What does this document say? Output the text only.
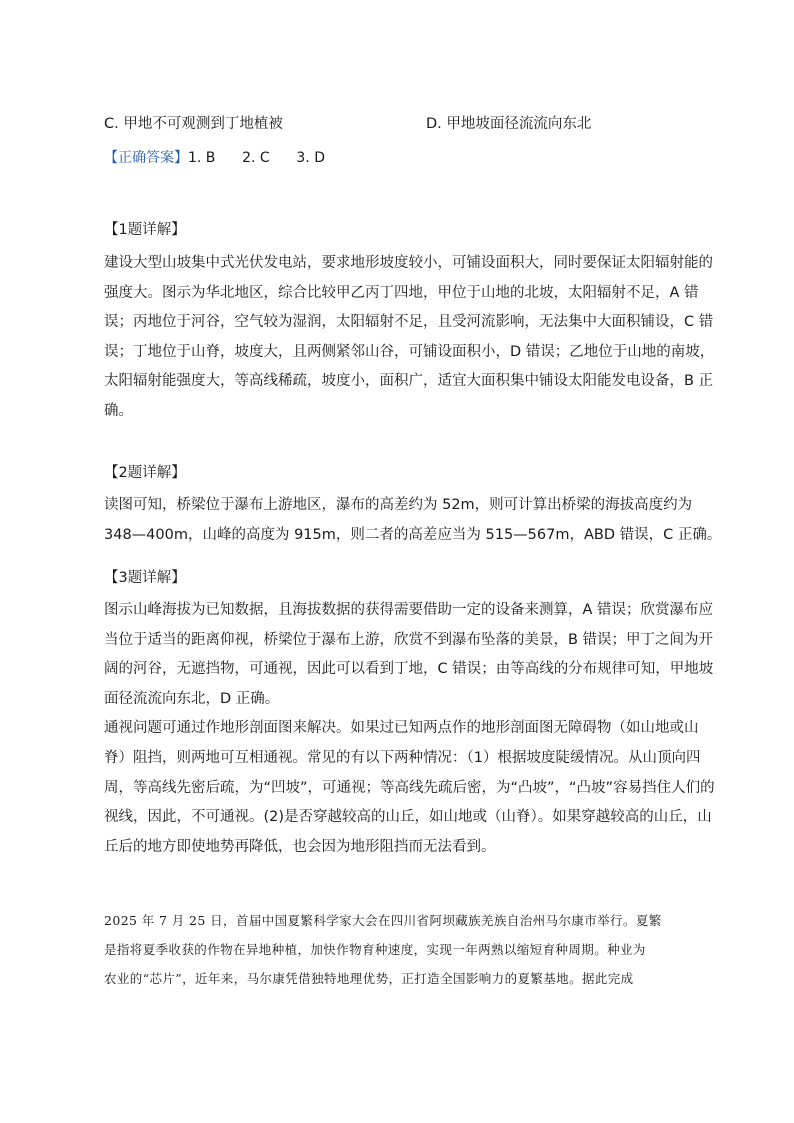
C. 甲地不可观测到丁地植被	D. 甲地坡面径流流向东北
【正确答案】1. B      2. C      3. D
【1题详解】
建设大型山坡集中式光伏发电站，要求地形坡度较小，可铺设面积大，同时要保证太阳辐射能的
强度大。图示为华北地区，综合比较甲乙丙丁四地，甲位于山地的北坡，太阳辐射不足，A 错
误；丙地位于河谷，空气较为湿润，太阳辐射不足，且受河流影响，无法集中大面积铺设，C 错
误；丁地位于山脊，坡度大，且两侧紧邻山谷，可铺设面积小，D 错误；乙地位于山地的南坡，
太阳辐射能强度大，等高线稀疏，坡度小，面积广，适宜大面积集中铺设太阳能发电设备，B 正
确。
【2题详解】
读图可知，桥梁位于瀑布上游地区，瀑布的高差约为 52m，则可计算出桥梁的海拔高度约为
348—400m，山峰的高度为 915m，则二者的高差应当为 515—567m，ABD 错误，C 正确。
【3题详解】
图示山峰海拔为已知数据，且海拔数据的获得需要借助一定的设备来测算，A 错误；欣赏瀑布应
当位于适当的距离仰视，桥梁位于瀑布上游，欣赏不到瀑布坠落的美景，B 错误；甲丁之间为开
阔的河谷，无遮挡物，可通视，因此可以看到丁地，C 错误；由等高线的分布规律可知，甲地坡
面径流流向东北，D 正确。
通视问题可通过作地形剖面图来解决。如果过已知两点作的地形剖面图无障碍物（如山地或山
脊）阻挡，则两地可互相通视。常见的有以下两种情况：（1）根据坡度陡缓情况。从山顶向四
周，等高线先密后疏，为“凹坡”，可通视；等高线先疏后密，为“凸坡”，“凸坡”容易挡住人们的
视线，因此，不可通视。(2)是否穿越较高的山丘，如山地或（山脊）。如果穿越较高的山丘，山
丘后的地方即使地势再降低，也会因为地形阻挡而无法看到。
2025 年 7 月 25 日，首届中国夏繁科学家大会在四川省阿坝藏族羌族自治州马尔康市举行。夏繁
是指将夏季收获的作物在异地种植，加快作物育种速度，实现一年两熟以缩短育种周期。种业为
农业的“芯片”，近年来，马尔康凭借独特地理优势，正打造全国影响力的夏繁基地。据此完成
